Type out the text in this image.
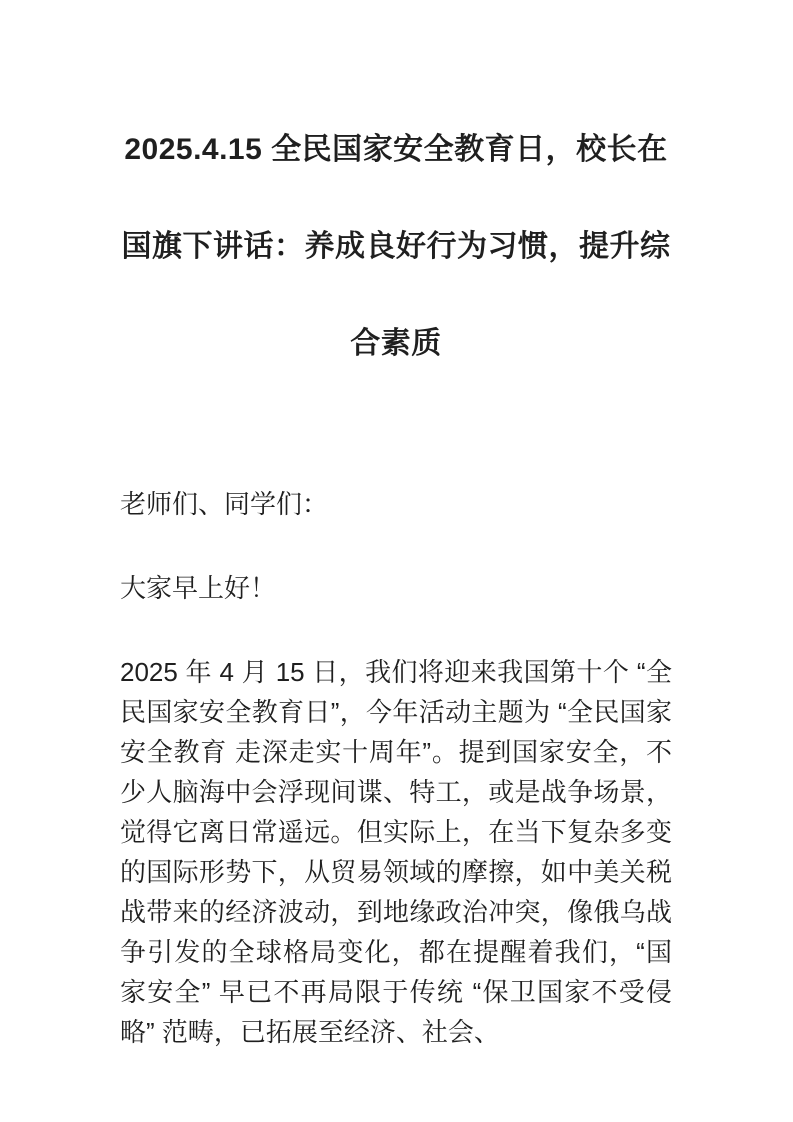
2025.4.15 全民国家安全教育日，校长在国旗下讲话：养成良好行为习惯，提升综合素质

老师们、同学们：

大家早上好！

2025 年 4 月 15 日，我们将迎来我国第十个 “全民国家安全教育日”，今年活动主题为 “全民国家安全教育 走深走实十周年”。提到国家安全，不少人脑海中会浮现间谍、特工，或是战争场景，觉得它离日常遥远。但实际上，在当下复杂多变的国际形势下，从贸易领域的摩擦，如中美关税战带来的经济波动，到地缘政治冲突，像俄乌战争引发的全球格局变化，都在提醒着我们，“国家安全” 早已不再局限于传统 “保卫国家不受侵略” 范畴，已拓展至经济、社会、
